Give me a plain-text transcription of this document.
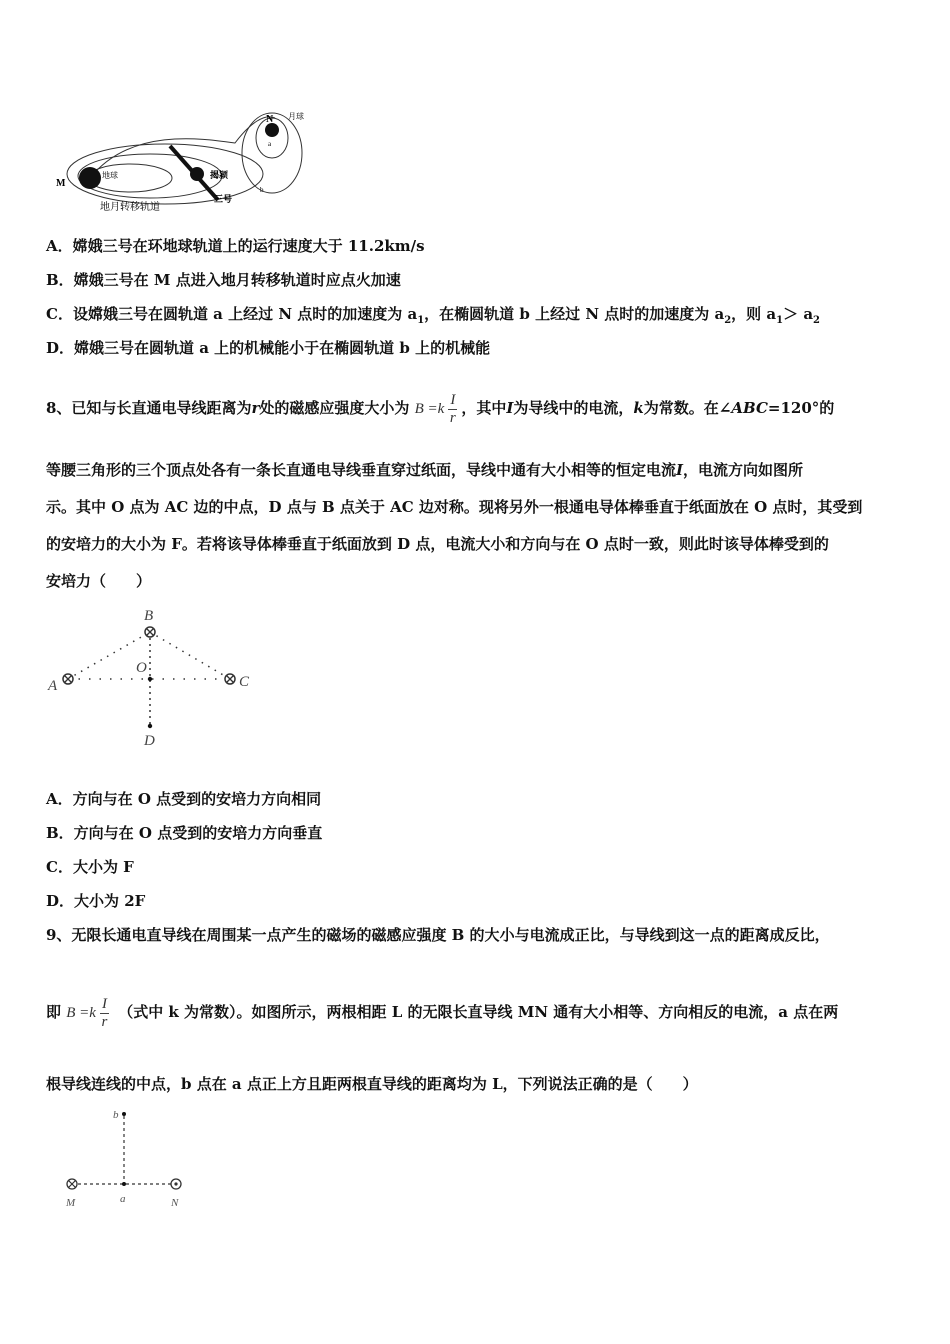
月球
N
a
b
M
地球	揭颍
三号
地月转移轨道
A．嫦娥三号在环地球轨道上的运行速度大于 11.2km/s
B．嫦娥三号在 M 点进入地月转移轨道时应点火加速
C．设嫦娥三号在圆轨道 a 上经过 N 点时的加速度为 $a_1$，在椭圆轨道 b 上经过 N 点时的加速度为 $a_2$，则 $a_1> a_2$
D．嫦娥三号在圆轨道 a 上的机械能小于在椭圆轨道 b 上的机械能
8、已知与长直通电导线距离为r处的磁感应强度大小为 $B =k \frac{I}{r}$ ，其中I为导线中的电流，k为常数。在∠ABC=120°的
等腰三角形的三个顶点处各有一条长直通电导线垂直穿过纸面，导线中通有大小相等的恒定电流I，电流方向如图所
示。其中 O 点为 AC 边的中点，D 点与 B 点关于 AC 边对称。现将另外一根通电导体棒垂直于纸面放在 O 点时，其受到
的安培力的大小为 F。若将该导体棒垂直于纸面放到 D 点，电流大小和方向与在 O 点时一致，则此时该导体棒受到的
安培力（　　）
A
B
C
O
D
A．方向与在 O 点受到的安培力方向相同
B．方向与在 O 点受到的安培力方向垂直
C．大小为 F
D．大小为 2F
9、无限长通电直导线在周围某一点产生的磁场的磁感应强度 B 的大小与电流成正比，与导线到这一点的距离成反比，
即 $B =k \frac{I}{r}$ （式中 k 为常数）。如图所示，两根相距 L 的无限长直导线 MN 通有大小相等、方向相反的电流，a 点在两
根导线连线的中点，b 点在 a 点正上方且距两根直导线的距离均为 L，下列说法正确的是（　　）
b
M	a	N
